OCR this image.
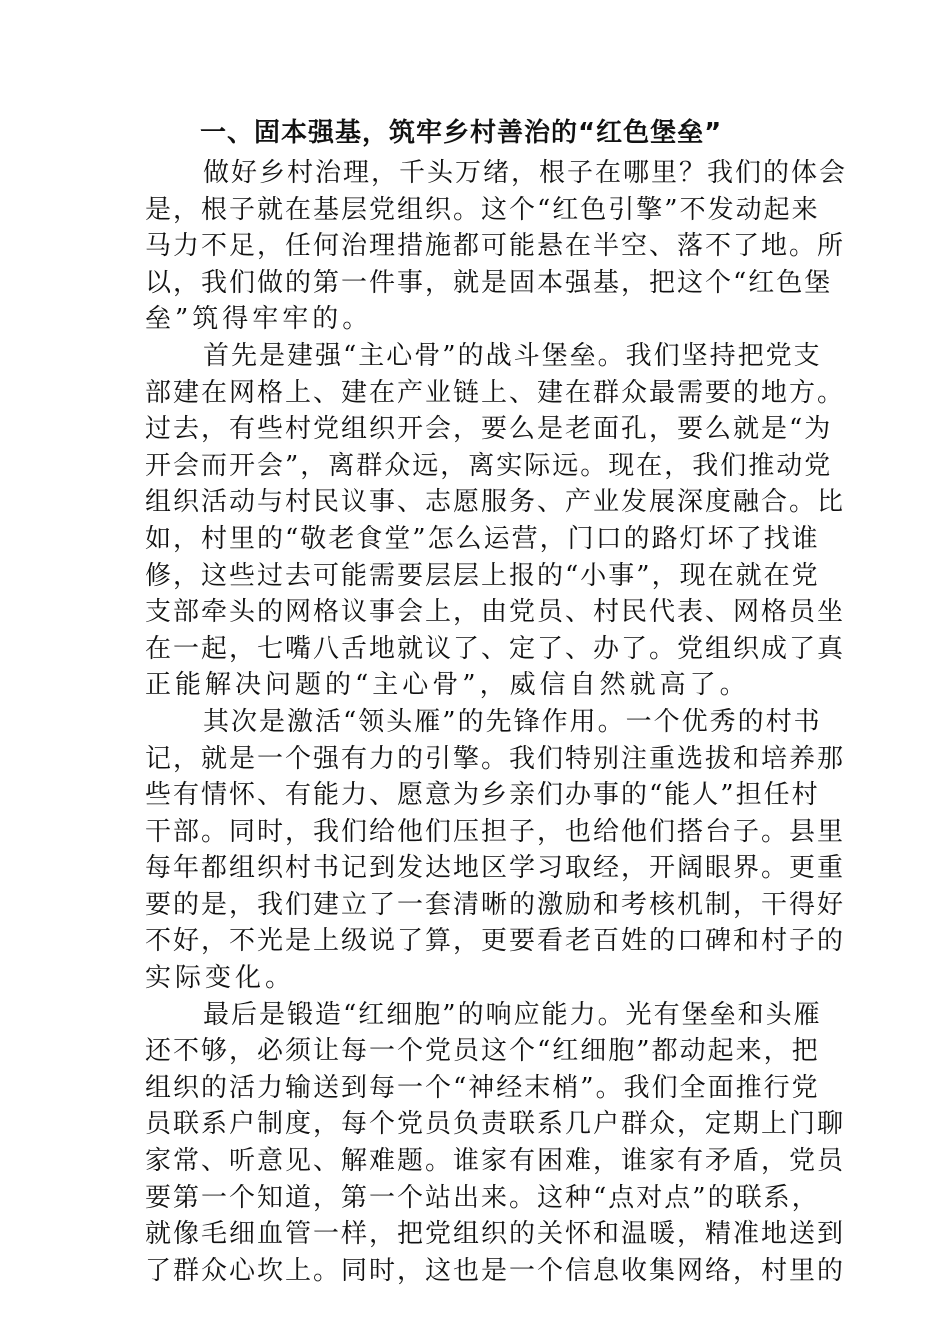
一、固本强基，筑牢乡村善治的“红色堡垒”
做好乡村治理，千头万绪，根子在哪里？我们的体会
是，根子就在基层党组织。这个“红色引擎”不发动起来
马力不足，任何治理措施都可能悬在半空、落不了地。所
以，我们做的第一件事，就是固本强基，把这个“红色堡
垒”筑得牢牢的。
首先是建强“主心骨”的战斗堡垒。我们坚持把党支
部建在网格上、建在产业链上、建在群众最需要的地方。
过去，有些村党组织开会，要么是老面孔，要么就是“为
开会而开会”，离群众远，离实际远。现在，我们推动党
组织活动与村民议事、志愿服务、产业发展深度融合。比
如，村里的“敬老食堂”怎么运营，门口的路灯坏了找谁
修，这些过去可能需要层层上报的“小事”，现在就在党
支部牵头的网格议事会上，由党员、村民代表、网格员坐
在一起，七嘴八舌地就议了、定了、办了。党组织成了真
正能解决问题的“主心骨”，威信自然就高了。
其次是激活“领头雁”的先锋作用。一个优秀的村书
记，就是一个强有力的引擎。我们特别注重选拔和培养那
些有情怀、有能力、愿意为乡亲们办事的“能人”担任村
干部。同时，我们给他们压担子，也给他们搭台子。县里
每年都组织村书记到发达地区学习取经，开阔眼界。更重
要的是，我们建立了一套清晰的激励和考核机制，干得好
不好，不光是上级说了算，更要看老百姓的口碑和村子的
实际变化。
最后是锻造“红细胞”的响应能力。光有堡垒和头雁
还不够，必须让每一个党员这个“红细胞”都动起来，把
组织的活力输送到每一个“神经末梢”。我们全面推行党
员联系户制度，每个党员负责联系几户群众，定期上门聊
家常、听意见、解难题。谁家有困难，谁家有矛盾，党员
要第一个知道，第一个站出来。这种“点对点”的联系，
就像毛细血管一样，把党组织的关怀和温暖，精准地送到
了群众心坎上。同时，这也是一个信息收集网络，村里的
